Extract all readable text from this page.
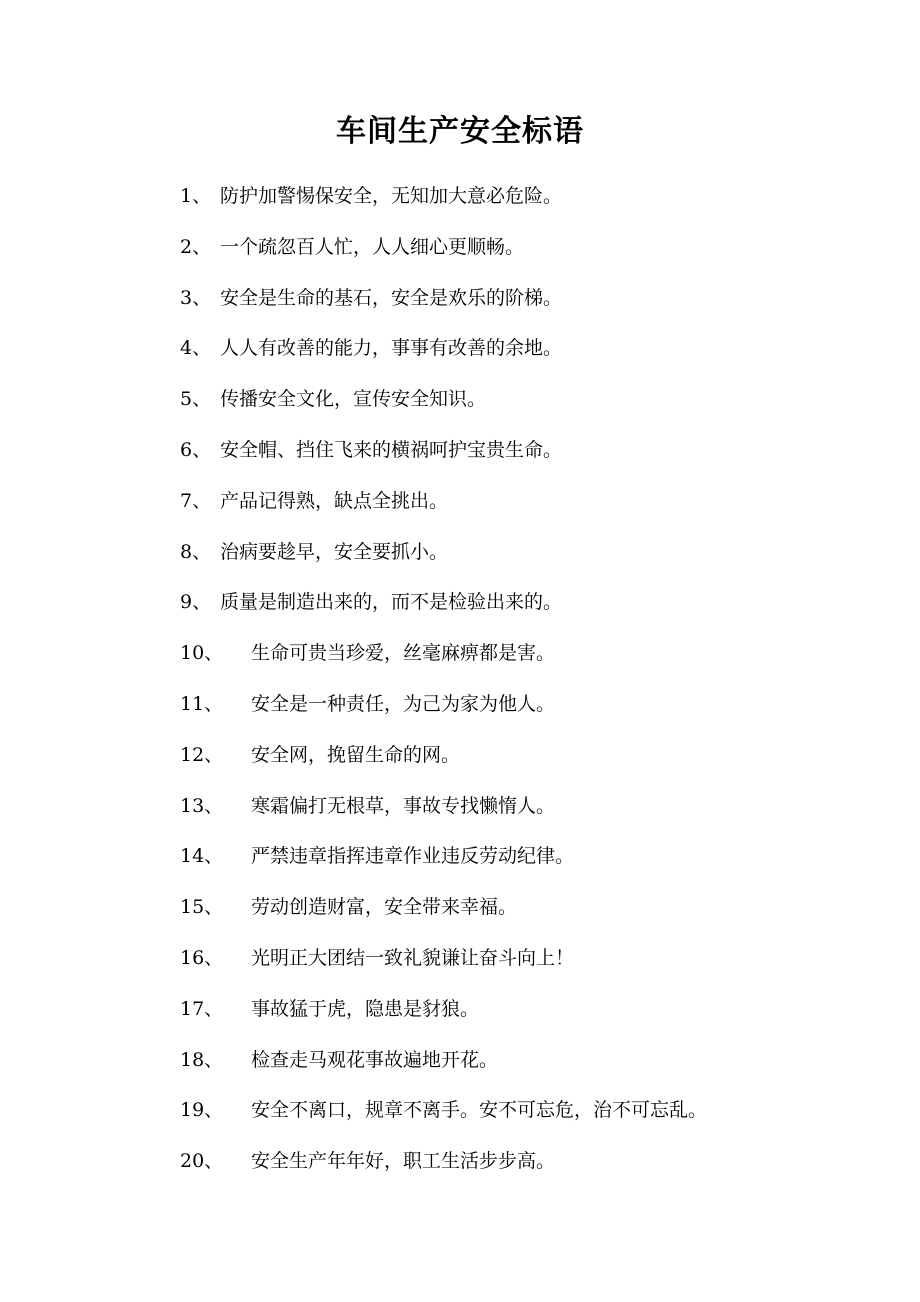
车间生产安全标语
1、 防护加警惕保安全，无知加大意必危险。
2、 一个疏忽百人忙，人人细心更顺畅。
3、 安全是生命的基石，安全是欢乐的阶梯。
4、 人人有改善的能力，事事有改善的余地。
5、 传播安全文化，宣传安全知识。
6、 安全帽、挡住飞来的横祸呵护宝贵生命。
7、 产品记得熟，缺点全挑出。
8、 治病要趁早，安全要抓小。
9、 质量是制造出来的，而不是检验出来的。
10、 生命可贵当珍爱，丝毫麻痹都是害。
11、 安全是一种责任，为己为家为他人。
12、 安全网，挽留生命的网。
13、 寒霜偏打无根草，事故专找懒惰人。
14、 严禁违章指挥违章作业违反劳动纪律。
15、 劳动创造财富，安全带来幸福。
16、 光明正大团结一致礼貌谦让奋斗向上！
17、 事故猛于虎，隐患是豺狼。
18、 检查走马观花事故遍地开花。
19、 安全不离口，规章不离手。安不可忘危，治不可忘乱。
20、 安全生产年年好，职工生活步步高。
